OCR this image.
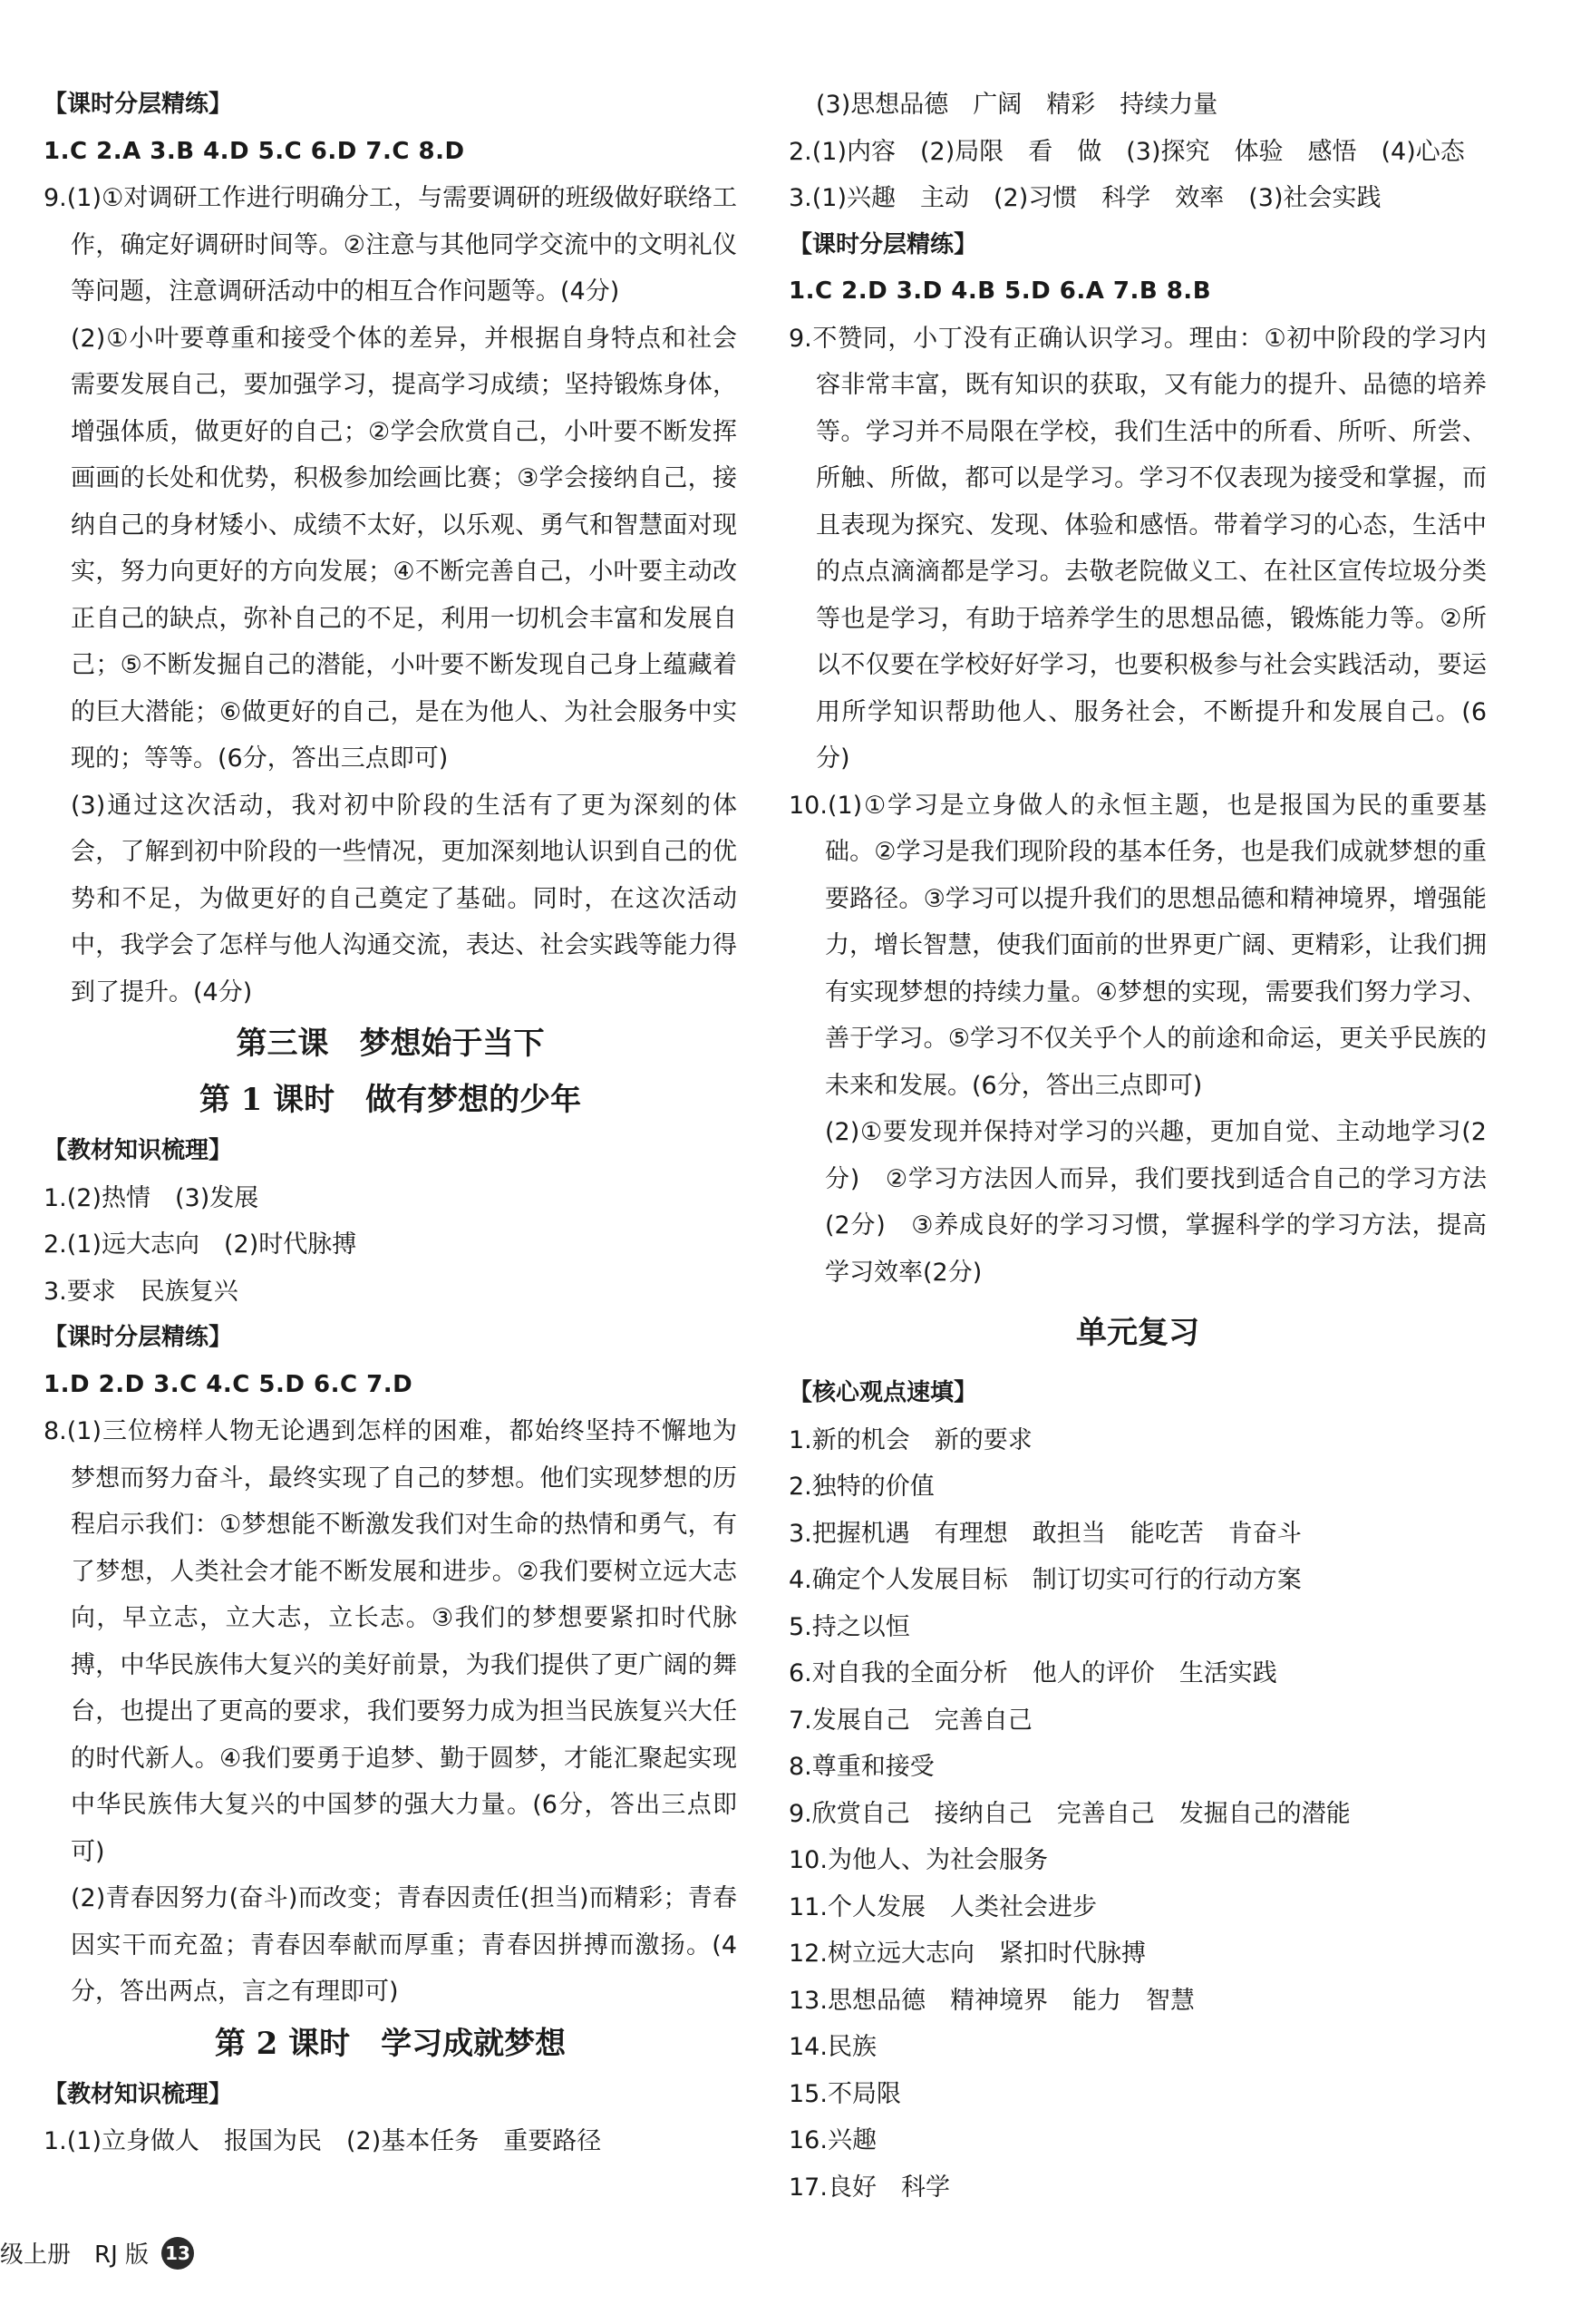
【课时分层精练】
1.C 2.A 3.B 4.D 5.C 6.D 7.C 8.D
9.(1)①对调研工作进行明确分工，与需要调研的班级做好联络工作，确定好调研时间等。②注意与其他同学交流中的文明礼仪等问题，注意调研活动中的相互合作问题等。(4分)
(2)①小叶要尊重和接受个体的差异，并根据自身特点和社会需要发展自己，要加强学习，提高学习成绩；坚持锻炼身体，增强体质，做更好的自己；②学会欣赏自己，小叶要不断发挥画画的长处和优势，积极参加绘画比赛；③学会接纳自己，接纳自己的身材矮小、成绩不太好，以乐观、勇气和智慧面对现实，努力向更好的方向发展；④不断完善自己，小叶要主动改正自己的缺点，弥补自己的不足，利用一切机会丰富和发展自己；⑤不断发掘自己的潜能，小叶要不断发现自己身上蕴藏着的巨大潜能；⑥做更好的自己，是在为他人、为社会服务中实现的；等等。(6分，答出三点即可)
(3)通过这次活动，我对初中阶段的生活有了更为深刻的体会，了解到初中阶段的一些情况，更加深刻地认识到自己的优势和不足，为做更好的自己奠定了基础。同时，在这次活动中，我学会了怎样与他人沟通交流，表达、社会实践等能力得到了提升。(4分)
第三课　梦想始于当下
第 1 课时　做有梦想的少年
【教材知识梳理】
1.(2)热情　(3)发展
2.(1)远大志向　(2)时代脉搏
3.要求　民族复兴
【课时分层精练】
1.D 2.D 3.C 4.C 5.D 6.C 7.D
8.(1)三位榜样人物无论遇到怎样的困难，都始终坚持不懈地为梦想而努力奋斗，最终实现了自己的梦想。他们实现梦想的历程启示我们：①梦想能不断激发我们对生命的热情和勇气，有了梦想，人类社会才能不断发展和进步。②我们要树立远大志向，早立志，立大志，立长志。③我们的梦想要紧扣时代脉搏，中华民族伟大复兴的美好前景，为我们提供了更广阔的舞台，也提出了更高的要求，我们要努力成为担当民族复兴大任的时代新人。④我们要勇于追梦、勤于圆梦，才能汇聚起实现中华民族伟大复兴的中国梦的强大力量。(6分，答出三点即可)
(2)青春因努力(奋斗)而改变；青春因责任(担当)而精彩；青春因实干而充盈；青春因奉献而厚重；青春因拼搏而激扬。(4分，答出两点，言之有理即可)
第 2 课时　学习成就梦想
【教材知识梳理】
1.(1)立身做人　报国为民　(2)基本任务　重要路径
(3)思想品德　广阔　精彩　持续力量
2.(1)内容　(2)局限　看　做　(3)探究　体验　感悟　(4)心态
3.(1)兴趣　主动　(2)习惯　科学　效率　(3)社会实践
【课时分层精练】
1.C 2.D 3.D 4.B 5.D 6.A 7.B 8.B
9.不赞同，小丁没有正确认识学习。理由：①初中阶段的学习内容非常丰富，既有知识的获取，又有能力的提升、品德的培养等。学习并不局限在学校，我们生活中的所看、所听、所尝、所触、所做，都可以是学习。学习不仅表现为接受和掌握，而且表现为探究、发现、体验和感悟。带着学习的心态，生活中的点点滴滴都是学习。去敬老院做义工、在社区宣传垃圾分类等也是学习，有助于培养学生的思想品德，锻炼能力等。②所以不仅要在学校好好学习，也要积极参与社会实践活动，要运用所学知识帮助他人、服务社会，不断提升和发展自己。(6分)
10.(1)①学习是立身做人的永恒主题，也是报国为民的重要基础。②学习是我们现阶段的基本任务，也是我们成就梦想的重要路径。③学习可以提升我们的思想品德和精神境界，增强能力，增长智慧，使我们面前的世界更广阔、更精彩，让我们拥有实现梦想的持续力量。④梦想的实现，需要我们努力学习、善于学习。⑤学习不仅关乎个人的前途和命运，更关乎民族的未来和发展。(6分，答出三点即可)
(2)①要发现并保持对学习的兴趣，更加自觉、主动地学习(2分)　②学习方法因人而异，我们要找到适合自己的学习方法(2分)　③养成良好的学习习惯，掌握科学的学习方法，提高学习效率(2分)
单元复习
【核心观点速填】
1.新的机会　新的要求
2.独特的价值
3.把握机遇　有理想　敢担当　能吃苦　肯奋斗
4.确定个人发展目标　制订切实可行的行动方案
5.持之以恒
6.对自我的全面分析　他人的评价　生活实践
7.发展自己　完善自己
8.尊重和接受
9.欣赏自己　接纳自己　完善自己　发掘自己的潜能
10.为他人、为社会服务
11.个人发展　人类社会进步
12.树立远大志向　紧扣时代脉搏
13.思想品德　精神境界　能力　智慧
14.民族
15.不局限
16.兴趣
17.良好　科学
级上册　RJ 版 13
